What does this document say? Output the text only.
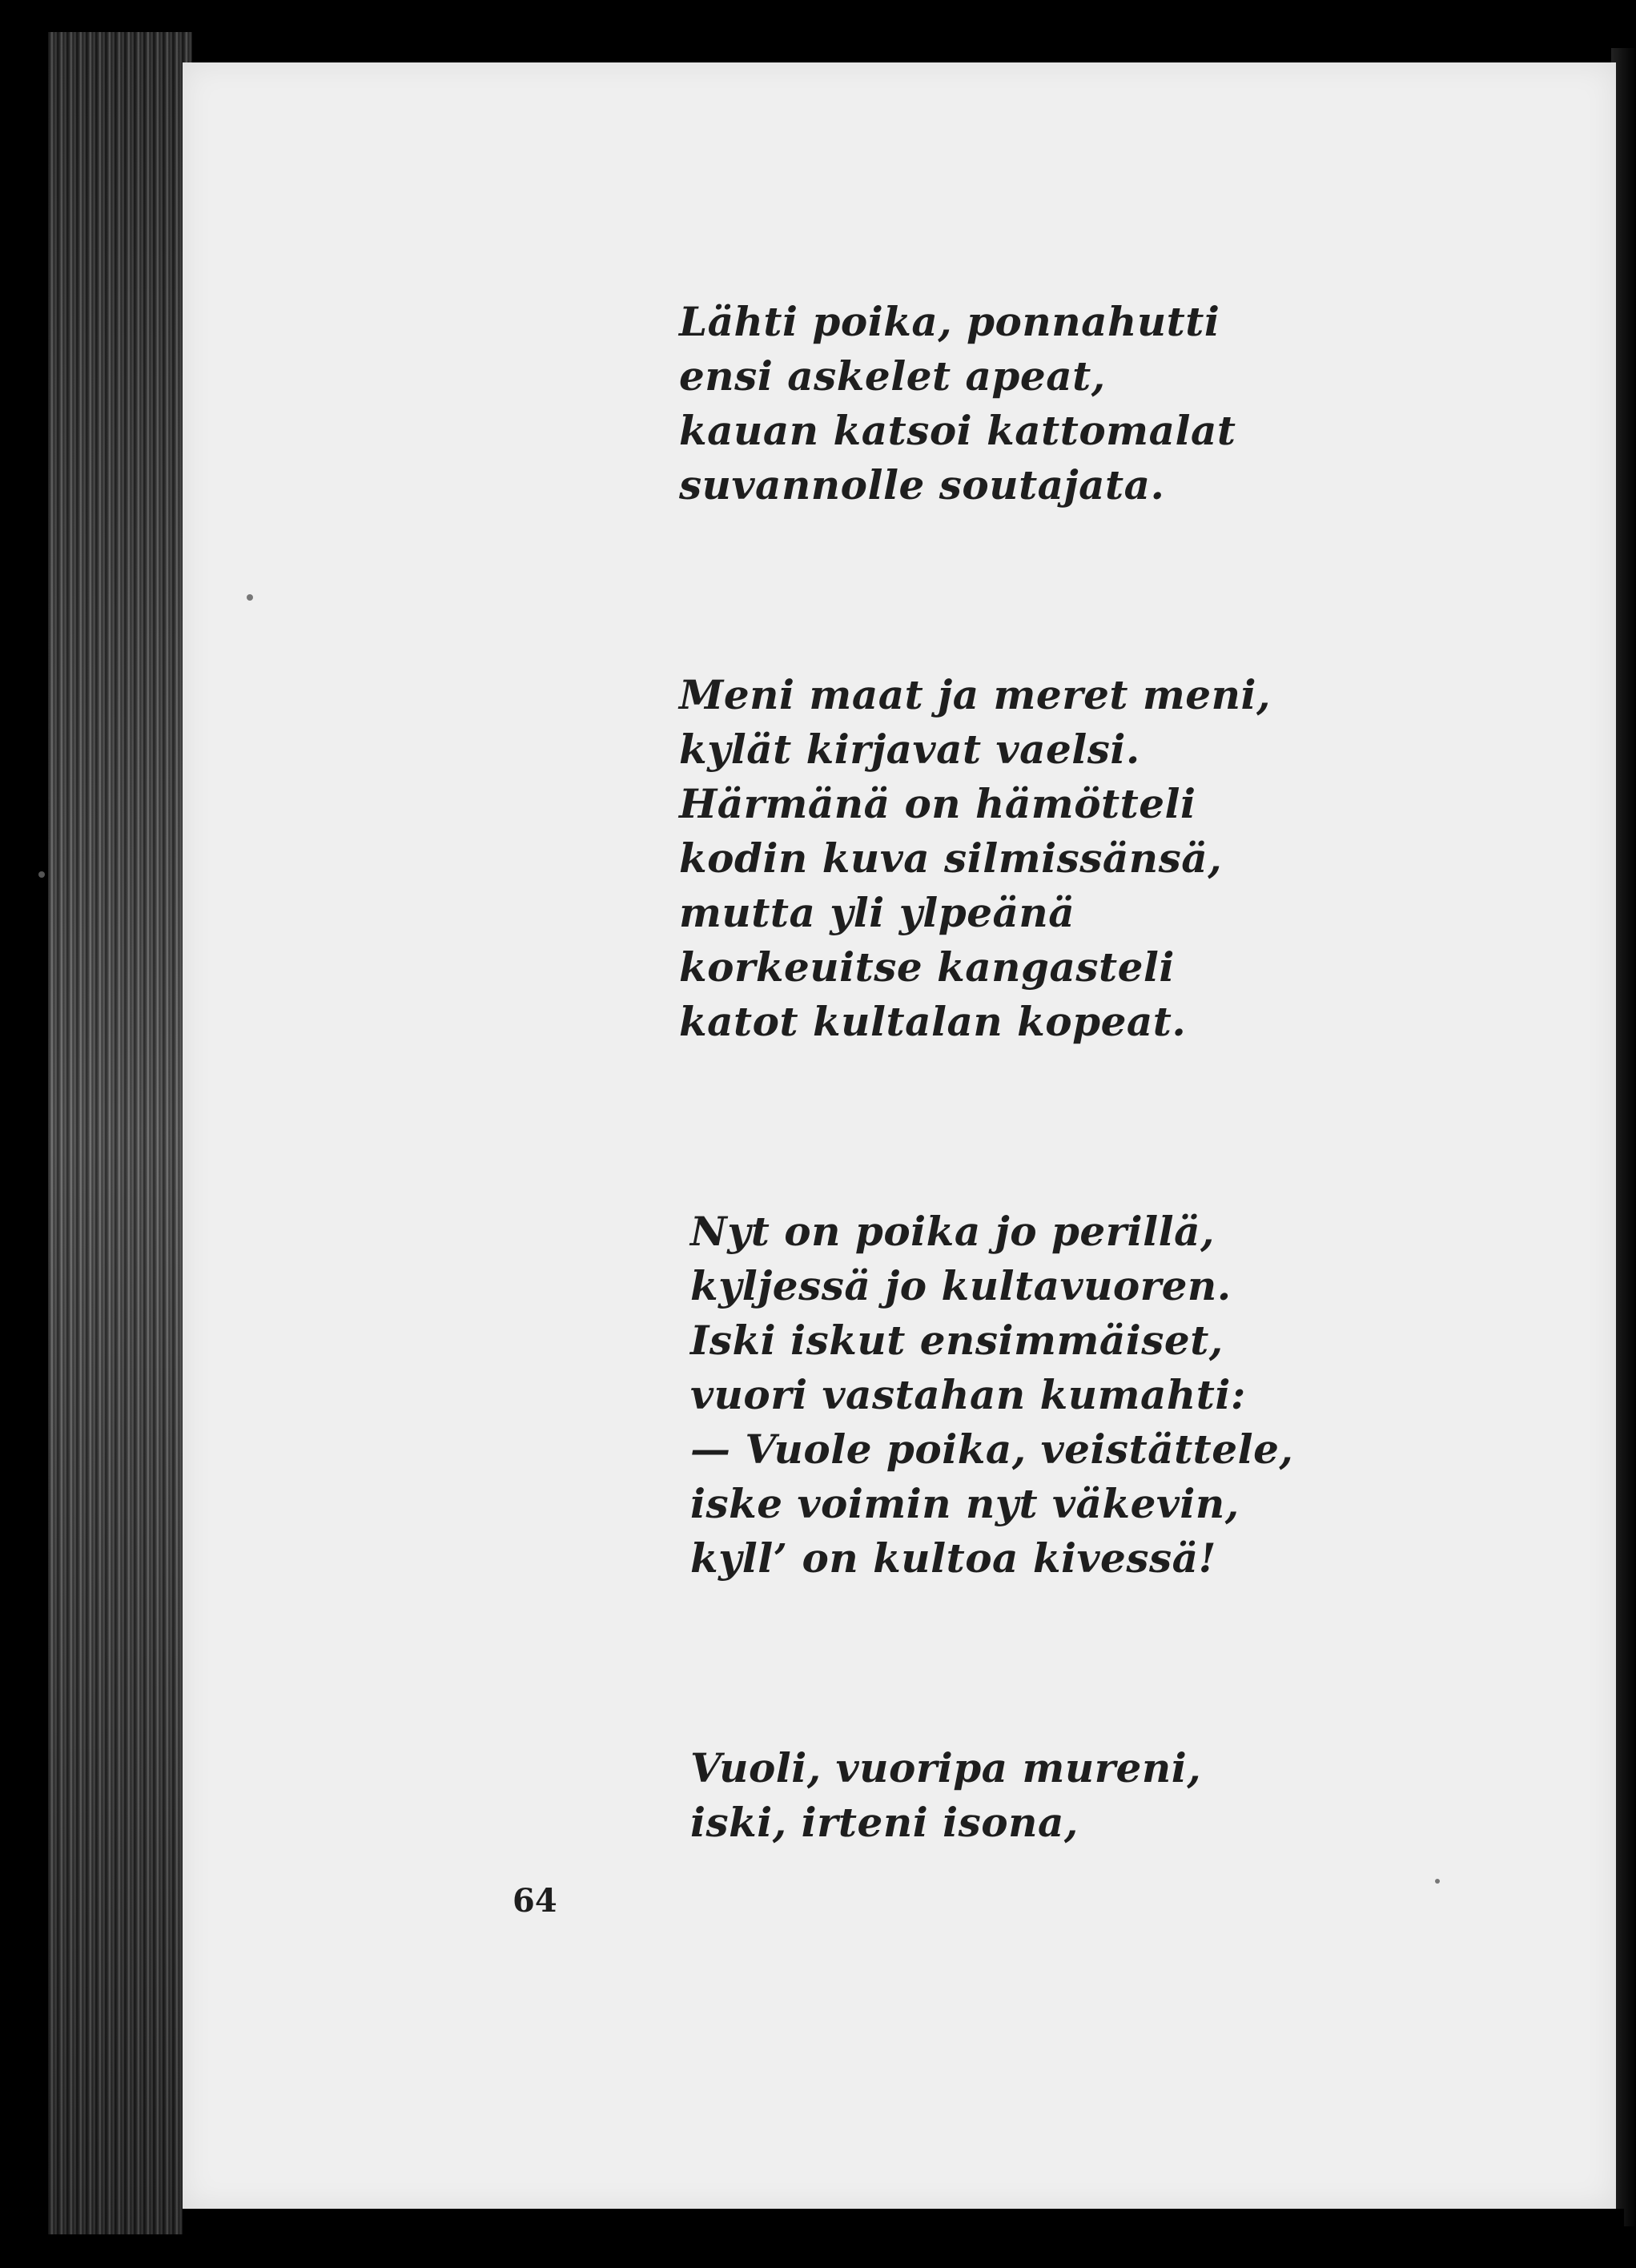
Lähti poika, ponnahutti
ensi askelet apeat,
kauan katsoi kattomalat
suvannolle soutajata.
Meni maat ja meret meni,
kylät kirjavat vaelsi.
Härmänä on hämötteli
kodin kuva silmissänsä,
mutta yli ylpeänä
korkeuitse kangasteli
katot kultalan kopeat.
Nyt on poika jo perillä,
kyljessä jo kultavuoren.
Iski iskut ensimmäiset,
vuori vastahan kumahti:
— Vuole poika, veistättele,
iske voimin nyt väkevin,
kyll’ on kultoa kivessä!
Vuoli, vuoripa mureni,
iski, irteni isona,
64
